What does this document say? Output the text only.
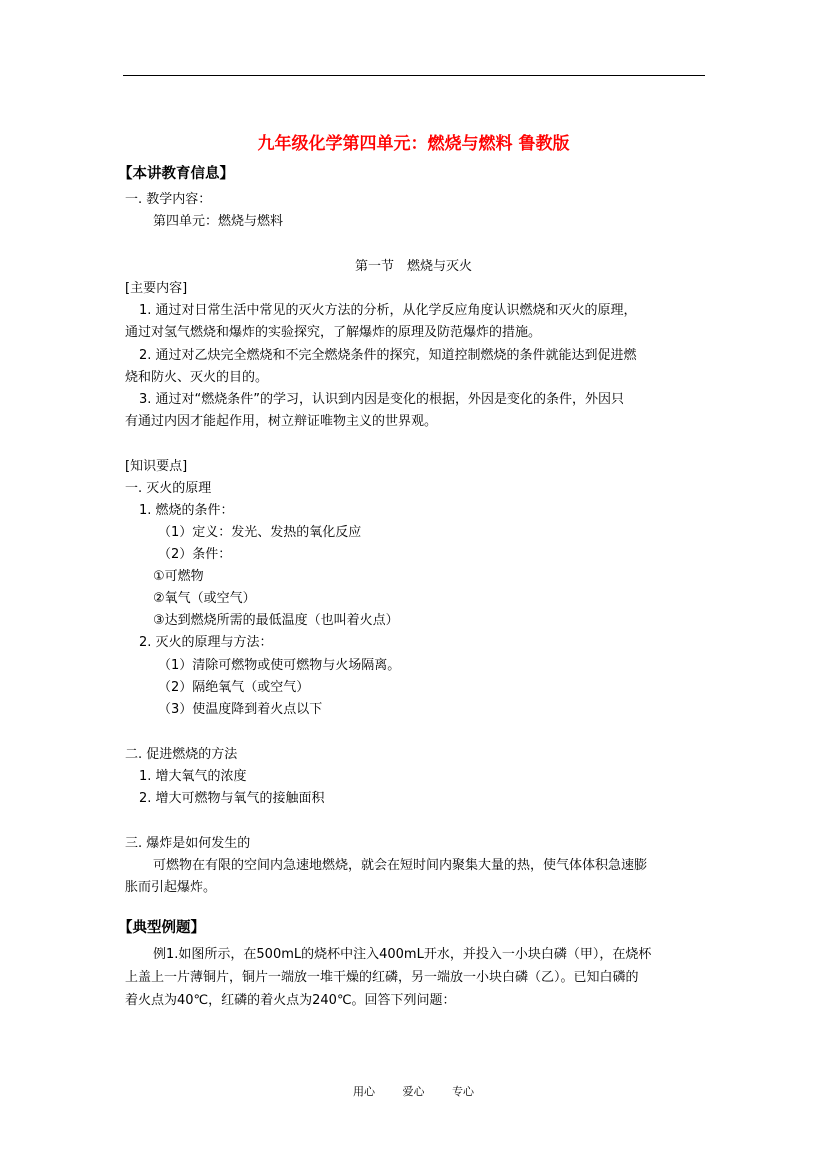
九年级化学第四单元：燃烧与燃料 鲁教版
【本讲教育信息】
一. 教学内容：
第四单元：燃烧与燃料
第一节　燃烧与灭火
[主要内容]
1. 通过对日常生活中常见的灭火方法的分析，从化学反应角度认识燃烧和灭火的原理，
通过对氢气燃烧和爆炸的实验探究，了解爆炸的原理及防范爆炸的措施。
2. 通过对乙炔完全燃烧和不完全燃烧条件的探究，知道控制燃烧的条件就能达到促进燃
烧和防火、灭火的目的。
3. 通过对“燃烧条件”的学习，认识到内因是变化的根据，外因是变化的条件，外因只
有通过内因才能起作用，树立辩证唯物主义的世界观。
[知识要点]
一. 灭火的原理
1. 燃烧的条件：
（1）定义：发光、发热的氧化反应
（2）条件：
①可燃物
②氧气（或空气）
③达到燃烧所需的最低温度（也叫着火点）
2. 灭火的原理与方法：
（1）清除可燃物或使可燃物与火场隔离。
（2）隔绝氧气（或空气）
（3）使温度降到着火点以下
二. 促进燃烧的方法
1. 增大氧气的浓度
2. 增大可燃物与氧气的接触面积
三. 爆炸是如何发生的
可燃物在有限的空间内急速地燃烧，就会在短时间内聚集大量的热，使气体体积急速膨
胀而引起爆炸。
【典型例题】
例1.如图所示，在500mL的烧杯中注入400mL开水，并投入一小块白磷（甲），在烧杯
上盖上一片薄铜片，铜片一端放一堆干燥的红磷，另一端放一小块白磷（乙）。已知白磷的
着火点为40℃，红磷的着火点为240℃。回答下列问题：
用心	爱心	专心
